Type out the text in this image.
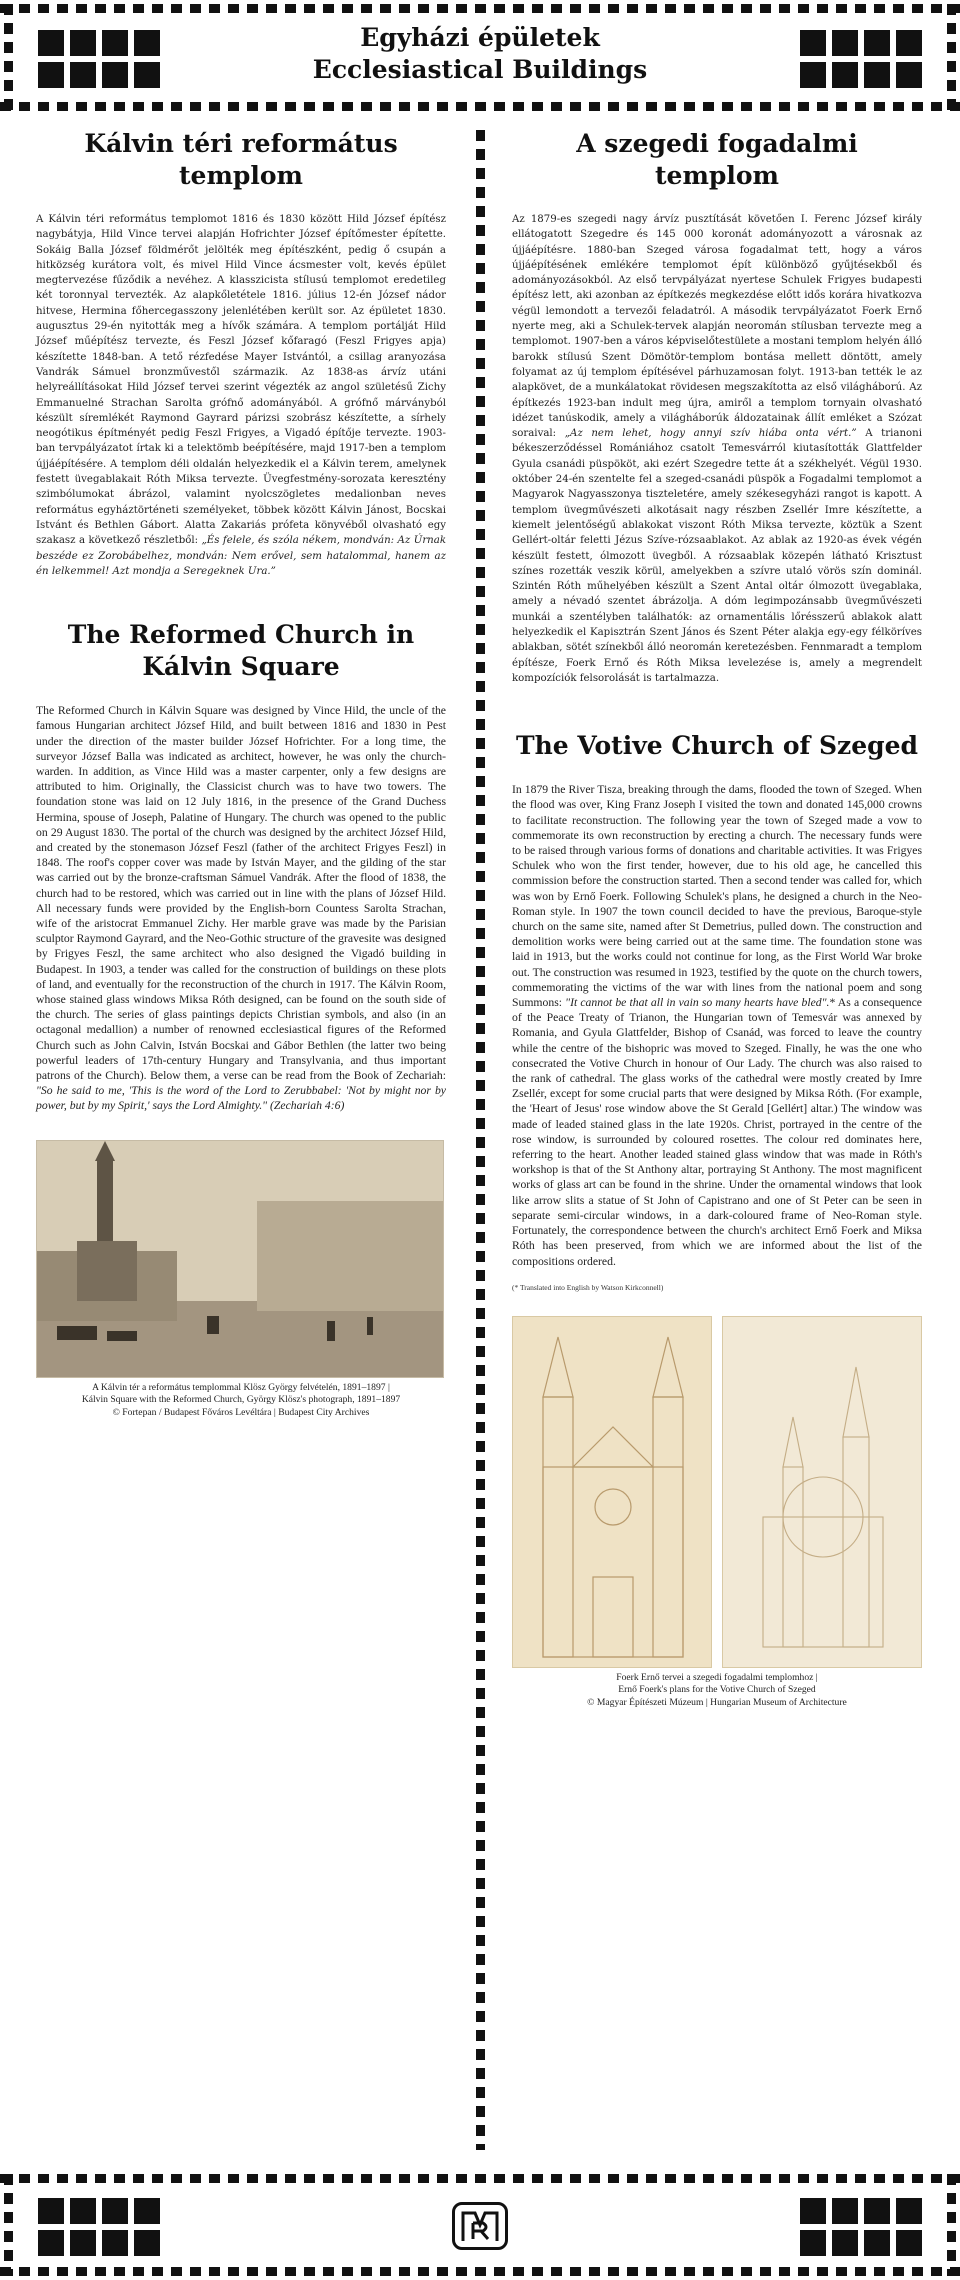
Egyházi épületek
Ecclesiastical Buildings
Kálvin téri református templom

A Kálvin téri református templomot 1816 és 1830 között Hild József építész nagybátyja, Hild Vince tervei alapján Hofrichter József építőmester építette. Sokáig Balla József földmérőt jelölték meg építészként, pedig ő csupán a hitközség kurátora volt, és mivel Hild Vince ácsmester volt, kevés épület megtervezése fűződik a nevéhez. A klasszicista stílusú templomot eredetileg két toronnyal tervezték. Az alapkőletétele 1816. július 12-én József nádor hitvese, Hermina főhercegasszony jelenlétében került sor. Az épületet 1830. augusztus 29-én nyitották meg a hívők számára. A templom portálját Hild József műépítész tervezte, és Feszl József kőfaragó (Feszl Frigyes apja) készítette 1848-ban. A tető rézfedése Mayer Istvántól, a csillag aranyozása Vandrák Sámuel bronzművestől származik. Az 1838-as árvíz utáni helyreállításokat Hild József tervei szerint végezték az angol születésű Zichy Emmanuelné Strachan Sarolta grófnő adományából. A grófnő márványból készült síremlékét Raymond Gayrard párizsi szobrász készítette, a sírhely neogótikus építményét pedig Feszl Frigyes, a Vigadó építője tervezte. 1903-ban tervpályázatot írtak ki a telektömb beépítésére, majd 1917-ben a templom újjáépítésére. A templom déli oldalán helyezkedik el a Kálvin terem, amelynek festett üvegablakait Róth Miksa tervezte. Üvegfestmény-sorozata keresztény szimbólumokat ábrázol, valamint nyolcszögletes medalionban neves református egyháztörténeti személyeket, többek között Kálvin Jánost, Bocskai Istvánt és Bethlen Gábort. Alatta Zakariás prófeta könyvéből olvasható egy szakasz a következő részletből: „És felele, és szóla nékem, mondván: Az Úrnak beszéde ez Zorobábelhez, mondván: Nem erővel, sem hatalommal, hanem az én lelkemmel! Azt mondja a Seregeknek Ura.”

The Reformed Church in Kálvin Square

The Reformed Church in Kálvin Square was designed by Vince Hild, the uncle of the famous Hungarian architect József Hild, and built between 1816 and 1830 in Pest under the direction of the master builder József Hofrichter. For a long time, the surveyor József Balla was indicated as architect, however, he was only the church-warden. In addition, as Vince Hild was a master carpenter, only a few designs are attributed to him. Originally, the Classicist church was to have two towers. The foundation stone was laid on 12 July 1816, in the presence of the Grand Duchess Hermina, spouse of Joseph, Palatine of Hungary. The church was opened to the public on 29 August 1830. The portal of the church was designed by the architect József Hild, and created by the stonemason József Feszl (father of the architect Frigyes Feszl) in 1848. The roof's copper cover was made by István Mayer, and the gilding of the star was carried out by the bronze-craftsman Sámuel Vandrák. After the flood of 1838, the church had to be restored, which was carried out in line with the plans of József Hild. All necessary funds were provided by the English-born Countess Sarolta Strachan, wife of the aristocrat Emmanuel Zichy. Her marble grave was made by the Parisian sculptor Raymond Gayrard, and the Neo-Gothic structure of the gravesite was designed by Frigyes Feszl, the same architect who also designed the Vigadó building in Budapest. In 1903, a tender was called for the construction of buildings on these plots of land, and eventually for the reconstruction of the church in 1917. The Kálvin Room, whose stained glass windows Miksa Róth designed, can be found on the south side of the church. The series of glass paintings depicts Christian symbols, and also (in an octagonal medallion) a number of renowned ecclesiastical figures of the Reformed Church such as John Calvin, István Bocskai and Gábor Bethlen (the latter two being powerful leaders of 17th-century Hungary and Transylvania, and thus important patrons of the Church). Below them, a verse can be read from the Book of Zechariah: "So he said to me, 'This is the word of the Lord to Zerubbabel: 'Not by might nor by power, but by my Spirit,' says the Lord Almighty." (Zechariah 4:6)

A Kálvin tér a református templommal Klösz György felvételén, 1891–1897 |
Kálvin Square with the Reformed Church, György Klösz's photograph, 1891–1897
© Fortepan / Budapest Főváros Levéltára | Budapest City Archives
A szegedi fogadalmi templom

Az 1879-es szegedi nagy árvíz pusztítását követően I. Ferenc József király ellátogatott Szegedre és 145 000 koronát adományozott a városnak az újjáépítésre. 1880-ban Szeged városa fogadalmat tett, hogy a város újjáépítésének emlékére templomot épít különböző gyűjtésekből és adományozásokból. Az első tervpályázat nyertese Schulek Frigyes budapesti építész lett, aki azonban az építkezés megkezdése előtt idős korára hivatkozva végül lemondott a tervezői feladatról. A második tervpályázatot Foerk Ernő nyerte meg, aki a Schulek-tervek alapján neoromán stílusban tervezte meg a templomot. 1907-ben a város képviselőtestülete a mostani templom helyén álló barokk stílusú Szent Dömötör-templom bontása mellett döntött, amely folyamat az új templom építésével párhuzamosan folyt. 1913-ban tették le az alapkövet, de a munkálatokat rövidesen megszakította az első világháború. Az építkezés 1923-ban indult meg újra, amiről a templom tornyain olvasható idézet tanúskodik, amely a világháborúk áldozatainak állít emléket a Szózat soraival: „Az nem lehet, hogy annyi szív hiába onta vért.” A trianoni békeszerződéssel Romániához csatolt Temesvárról kiutasították Glattfelder Gyula csanádi püspököt, aki ezért Szegedre tette át a székhelyét. Végül 1930. október 24-én szentelte fel a szeged-csanádi püspök a Fogadalmi templomot a Magyarok Nagyasszonya tiszteletére, amely székesegyházi rangot is kapott. A templom üvegművészeti alkotásait nagy részben Zsellér Imre készítette, a kiemelt jelentőségű ablakokat viszont Róth Miksa tervezte, köztük a Szent Gellért-oltár feletti Jézus Szíve-rózsaablakot. Az ablak az 1920-as évek végén készült festett, ólmozott üvegből. A rózsaablak közepén látható Krisztust színes rozetták veszik körül, amelyekben a szívre utaló vörös szín dominál. Szintén Róth műhelyében készült a Szent Antal oltár ólmozott üvegablaka, amely a névadó szentet ábrázolja. A dóm legimpozánsabb üvegművészeti munkái a szentélyben találhatók: az ornamentális lőrésszerű ablakok alatt helyezkedik el Kapisztrán Szent János és Szent Péter alakja egy-egy félköríves ablakban, sötét színekből álló neoromán keretezésben. Fennmaradt a templom építésze, Foerk Ernő és Róth Miksa levelezése is, amely a megrendelt kompozíciók felsorolását is tartalmazza.

The Votive Church of Szeged

In 1879 the River Tisza, breaking through the dams, flooded the town of Szeged. When the flood was over, King Franz Joseph I visited the town and donated 145,000 crowns to facilitate reconstruction. The following year the town of Szeged made a vow to commemorate its own reconstruction by erecting a church. The necessary funds were to be raised through various forms of donations and charitable activities. It was Frigyes Schulek who won the first tender, however, due to his old age, he cancelled this commission before the construction started. Then a second tender was called for, which was won by Ernő Foerk. Following Schulek's plans, he designed a church in the Neo-Roman style. In 1907 the town council decided to have the previous, Baroque-style church on the same site, named after St Demetrius, pulled down. The construction and demolition works were being carried out at the same time. The foundation stone was laid in 1913, but the works could not continue for long, as the First World War broke out. The construction was resumed in 1923, testified by the quote on the church towers, commemorating the victims of the war with lines from the national poem and song Summons: "It cannot be that all in vain so many hearts have bled".* As a consequence of the Peace Treaty of Trianon, the Hungarian town of Temesvár was annexed by Romania, and Gyula Glattfelder, Bishop of Csanád, was forced to leave the country while the centre of the bishopric was moved to Szeged. Finally, he was the one who consecrated the Votive Church in honour of Our Lady. The church was also raised to the rank of cathedral. The glass works of the cathedral were mostly created by Imre Zsellér, except for some crucial parts that were designed by Miksa Róth. (For example, the 'Heart of Jesus' rose window above the St Gerald [Gellért] altar.) The window was made of leaded stained glass in the late 1920s. Christ, portrayed in the centre of the rose window, is surrounded by coloured rosettes. The colour red dominates here, referring to the heart. Another leaded stained glass window that was made in Róth's workshop is that of the St Anthony altar, portraying St Anthony. The most magnificent works of glass art can be found in the shrine. Under the ornamental windows that look like arrow slits a statue of St John of Capistrano and one of St Peter can be seen in separate semi-circular windows, in a dark-coloured frame of Neo-Roman style. Fortunately, the correspondence between the church's architect Ernő Foerk and Miksa Róth has been preserved, from which we are informed about the list of the compositions ordered.

(* Translated into English by Watson Kirkconnell)
Foerk Ernő tervei a szegedi fogadalmi templomhoz |
Ernő Foerk's plans for the Votive Church of Szeged
© Magyar Építészeti Múzeum | Hungarian Museum of Architecture
